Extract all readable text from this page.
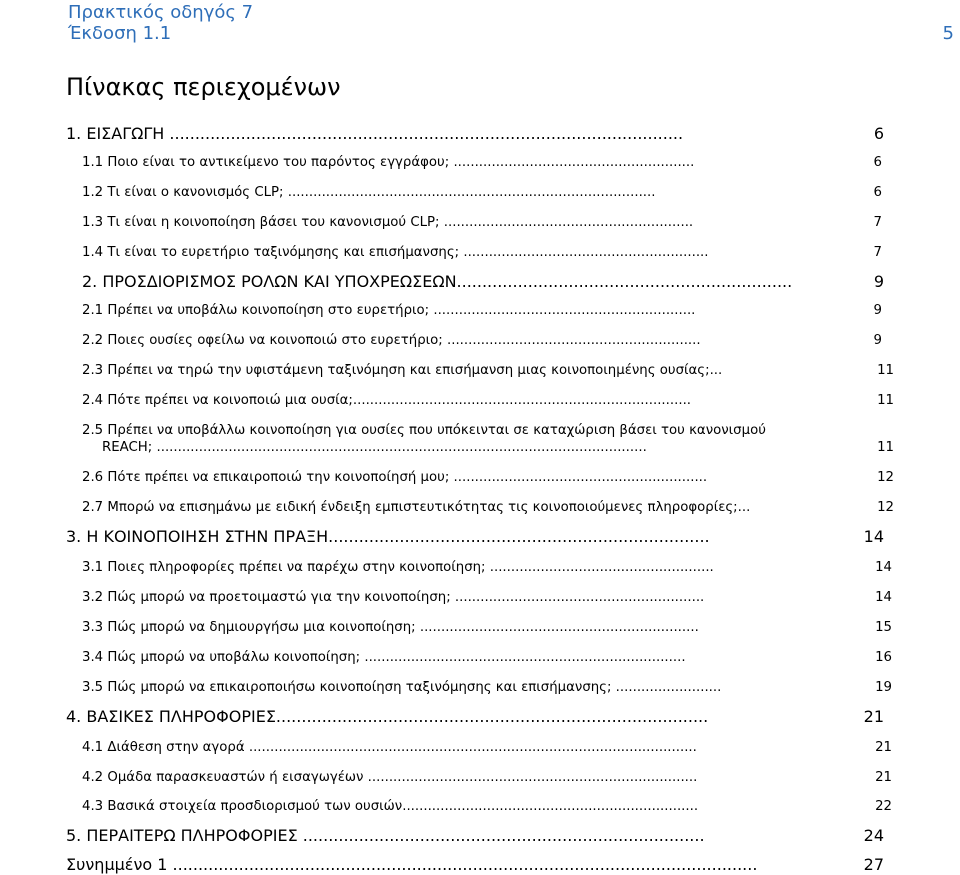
Πρακτικός οδηγός 7
Έκδοση 1.1	5
Πίνακας περιεχομένων
1. ΕΙΣΑΓΩΓΗ .....................................................................................................	6
1.1 Ποιο είναι το αντικείμενο του παρόντος εγγράφου; .........................................................	6
1.2 Τι είναι ο κανονισμός CLP; .......................................................................................	6
1.3 Τι είναι η κοινοποίηση βάσει του κανονισμού CLP; ...........................................................	7
1.4 Τι είναι το ευρετήριο ταξινόμησης και επισήμανσης; ..........................................................	7
2. ΠΡΟΣΔΙΟΡΙΣΜΟΣ ΡΟΛΩΝ ΚΑΙ ΥΠΟΧΡΕΩΣΕΩΝ..................................................................	9
2.1 Πρέπει να υποβάλω κοινοποίηση στο ευρετήριο; ..............................................................	9
2.2 Ποιες ουσίες οφείλω να κοινοποιώ στο ευρετήριο; ............................................................	9
2.3 Πρέπει να τηρώ την υφιστάμενη ταξινόμηση και επισήμανση μιας κοινοποιημένης ουσίας;...	11
2.4 Πότε πρέπει να κοινοποιώ μια ουσία;................................................................................	11
2.5 Πρέπει να υποβάλλω κοινοποίηση για ουσίες που υπόκεινται σε καταχώριση βάσει του κανονισμού
REACH; ....................................................................................................................	11
2.6 Πότε πρέπει να επικαιροποιώ την κοινοποίησή μου; ............................................................	12
2.7 Μπορώ να επισημάνω με ειδική ένδειξη εμπιστευτικότητας τις κοινοποιούμενες πληροφορίες;...	12
3. Η ΚΟΙΝΟΠΟΙΗΣΗ ΣΤΗΝ ΠΡΑΞΗ...........................................................................	14
3.1 Ποιες πληροφορίες πρέπει να παρέχω στην κοινοποίηση; .....................................................	14
3.2 Πώς μπορώ να προετοιμαστώ για την κοινοποίηση; ...........................................................	14
3.3 Πώς μπορώ να δημιουργήσω μια κοινοποίηση; ..................................................................	15
3.4 Πώς μπορώ να υποβάλω κοινοποίηση; ............................................................................	16
3.5 Πώς μπορώ να επικαιροποιήσω κοινοποίηση ταξινόμησης και επισήμανσης; .........................	19
4. ΒΑΣΙΚΕΣ ΠΛΗΡΟΦΟΡΙΕΣ.....................................................................................	21
4.1 Διάθεση στην αγορά ..........................................................................................................	21
4.2 Ομάδα παρασκευαστών ή εισαγωγέων ..............................................................................	21
4.3 Βασικά στοιχεία προσδιορισμού των ουσιών......................................................................	22
5. ΠΕΡΑΙΤΕΡΩ ΠΛΗΡΟΦΟΡΙΕΣ ...............................................................................	24
Συνημμένο 1 ...................................................................................................................	27
